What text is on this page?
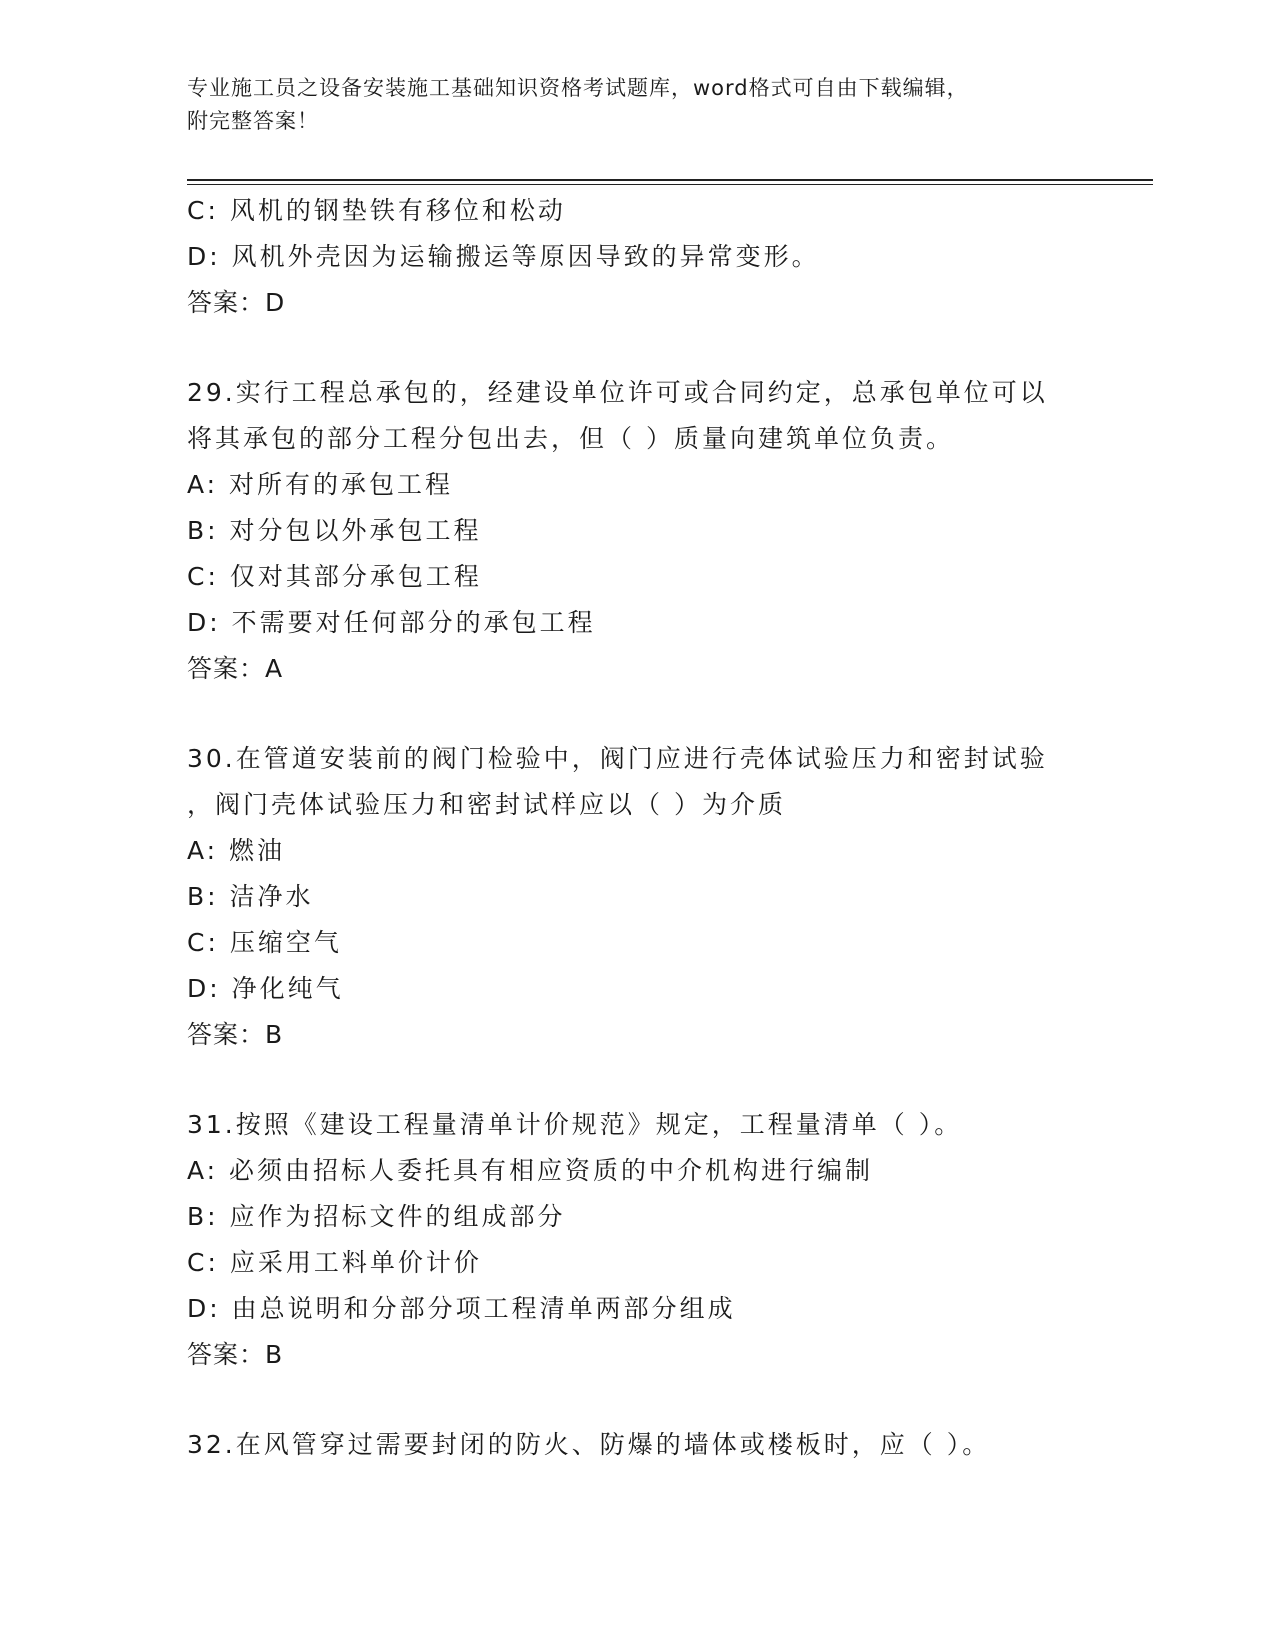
专业施工员之设备安装施工基础知识资格考试题库，word格式可自由下载编辑，
附完整答案！
C: 风机的钢垫铁有移位和松动
D: 风机外壳因为运输搬运等原因导致的异常变形。
答案：D
29.实行工程总承包的，经建设单位许可或合同约定，总承包单位可以
将其承包的部分工程分包出去，但（ ）质量向建筑单位负责。
A: 对所有的承包工程
B: 对分包以外承包工程
C: 仅对其部分承包工程
D: 不需要对任何部分的承包工程
答案：A
30.在管道安装前的阀门检验中，阀门应进行壳体试验压力和密封试验
，阀门壳体试验压力和密封试样应以（ ）为介质
A: 燃油
B: 洁净水
C: 压缩空气
D: 净化纯气
答案：B
31.按照《建设工程量清单计价规范》规定，工程量清单（ ）。
A: 必须由招标人委托具有相应资质的中介机构进行编制
B: 应作为招标文件的组成部分
C: 应采用工料单价计价
D: 由总说明和分部分项工程清单两部分组成
答案：B
32.在风管穿过需要封闭的防火、防爆的墙体或楼板时，应（ ）。
